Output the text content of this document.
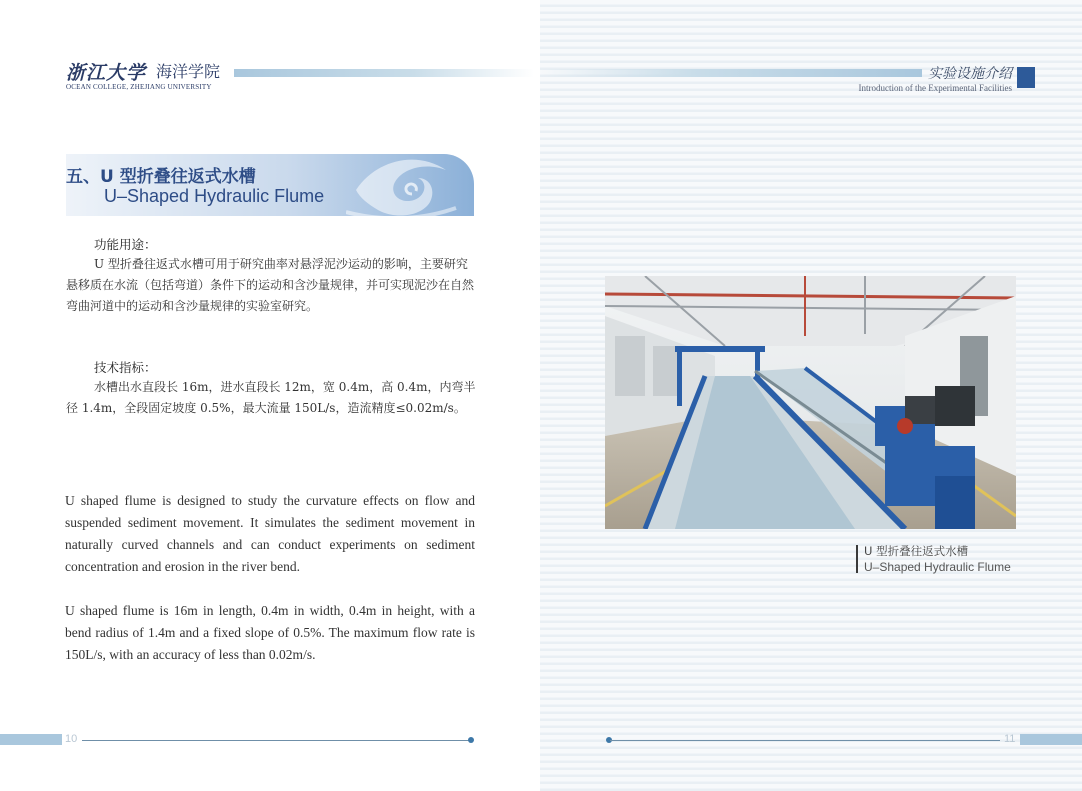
浙江大学 海洋学院
OCEAN COLLEGE, ZHEJIANG UNIVERSITY
实验设施介绍
Introduction of the Experimental Facilities
五、U 型折叠往返式水槽
U–Shaped Hydraulic Flume
功能用途：
U 型折叠往返式水槽可用于研究曲率对悬浮泥沙运动的影响，主要研究悬移质在水流（包括弯道）条件下的运动和含沙量规律，并可实现泥沙在自然弯曲河道中的运动和含沙量规律的实验室研究。
技术指标：
水槽出水直段长 16m，进水直段长 12m，宽 0.4m，高 0.4m，内弯半径 1.4m，全段固定坡度 0.5%，最大流量 150L/s，造流精度≤0.02m/s。
U shaped flume is designed to study the curvature effects on flow and suspended sediment movement. It simulates the sediment movement in naturally curved channels and can conduct experiments on sediment concentration and erosion in the river bend.
U shaped flume is 16m in length, 0.4m in width, 0.4m in height, with a bend radius of 1.4m and a fixed slope of 0.5%. The maximum flow rate is 150L/s, with an accuracy of less than 0.02m/s.
U 型折叠往返式水槽
U–Shaped Hydraulic Flume
10	11
